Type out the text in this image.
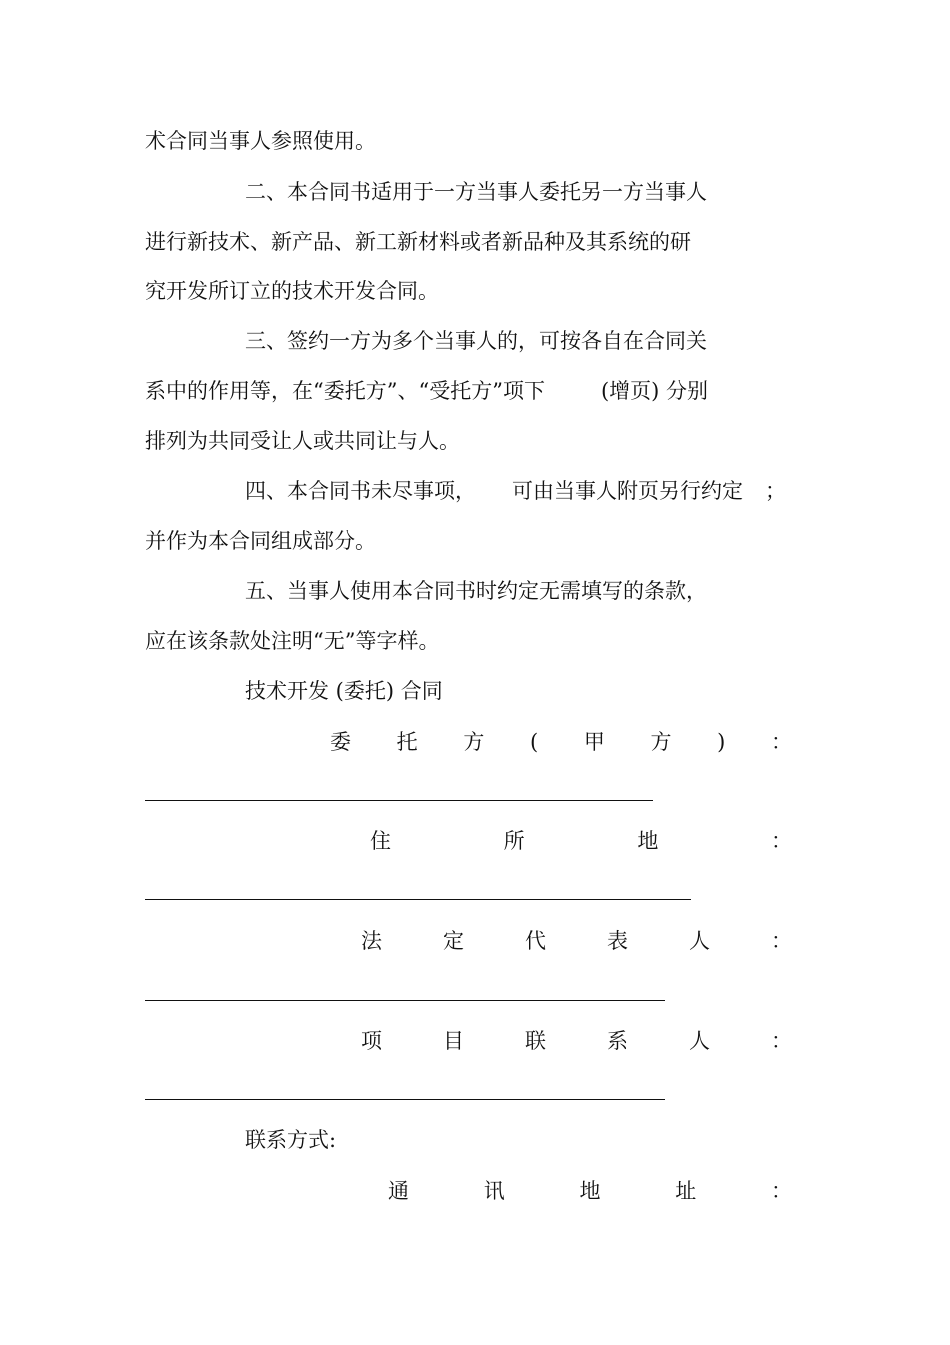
术合同当事人参照使用。
二、本合同书适用于一方当事人委托另一方当事人
进行新技术、新产品、新工新材料或者新品种及其系统的研
究开发所订立的技术开发合同。
三、签约一方为多个当事人的，可按各自在合同关
系中的作用等，在“委托方”、“受托方”项下	(增页) 分别
排列为共同受让人或共同让与人。
四、本合同书未尽事项， 可由当事人附页另行约定 ；
并作为本合同组成部分。
五、当事人使用本合同书时约定无需填写的条款，
应在该条款处注明“无”等字样。
技术开发 (委托) 合同
委 托 方 ( 甲 方 ) ：
住	所	地	：
法	定	代	表	人	：
项	目	联	系	人	：
联系方式:
通	讯	地	址	：
